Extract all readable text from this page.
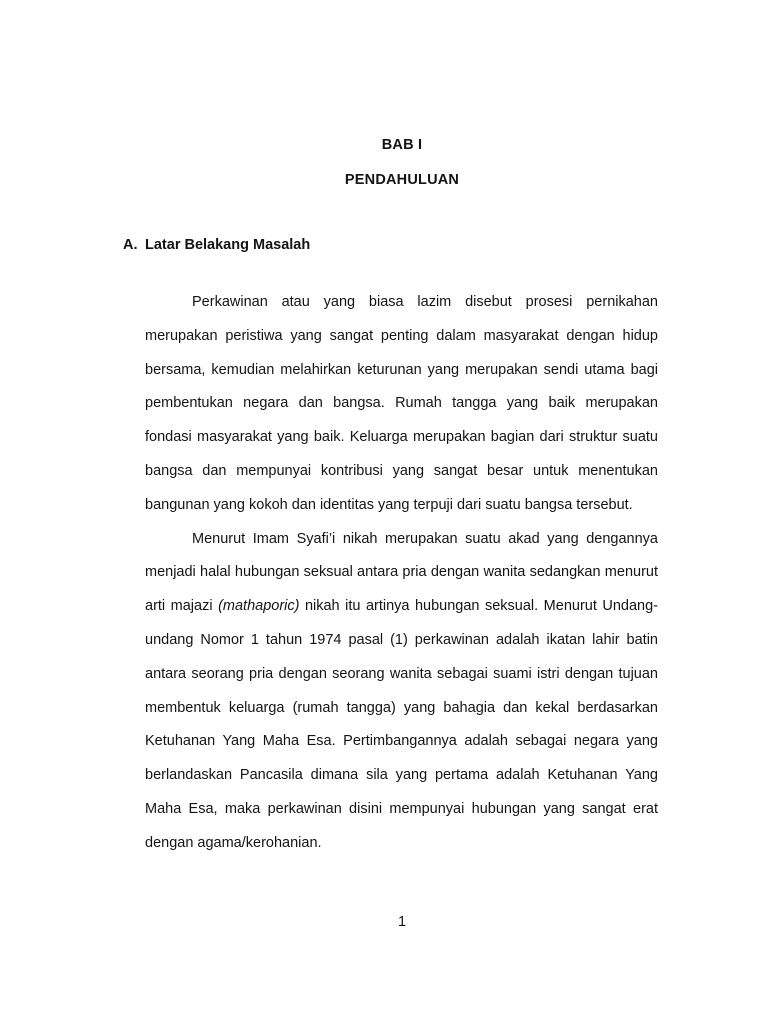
BAB I
PENDAHULUAN
A. Latar Belakang Masalah

Perkawinan atau yang biasa lazim disebut prosesi pernikahan merupakan peristiwa yang sangat penting dalam masyarakat dengan hidup bersama, kemudian melahirkan keturunan yang merupakan sendi utama bagi pembentukan negara dan bangsa. Rumah tangga yang baik merupakan fondasi masyarakat yang baik. Keluarga merupakan bagian dari struktur suatu bangsa dan mempunyai kontribusi yang sangat besar untuk menentukan bangunan yang kokoh dan identitas yang terpuji dari suatu bangsa tersebut.

Menurut Imam Syafi’i nikah merupakan suatu akad yang dengannya menjadi halal hubungan seksual antara pria dengan wanita sedangkan menurut arti majazi (mathaporic) nikah itu artinya hubungan seksual. Menurut Undang-undang Nomor 1 tahun 1974 pasal (1) perkawinan adalah ikatan lahir batin antara seorang pria dengan seorang wanita sebagai suami istri dengan tujuan membentuk keluarga (rumah tangga) yang bahagia dan kekal berdasarkan Ketuhanan Yang Maha Esa. Pertimbangannya adalah sebagai negara yang berlandaskan Pancasila dimana sila yang pertama adalah Ketuhanan Yang Maha Esa, maka perkawinan disini mempunyai hubungan yang sangat erat dengan agama/kerohanian.

1
